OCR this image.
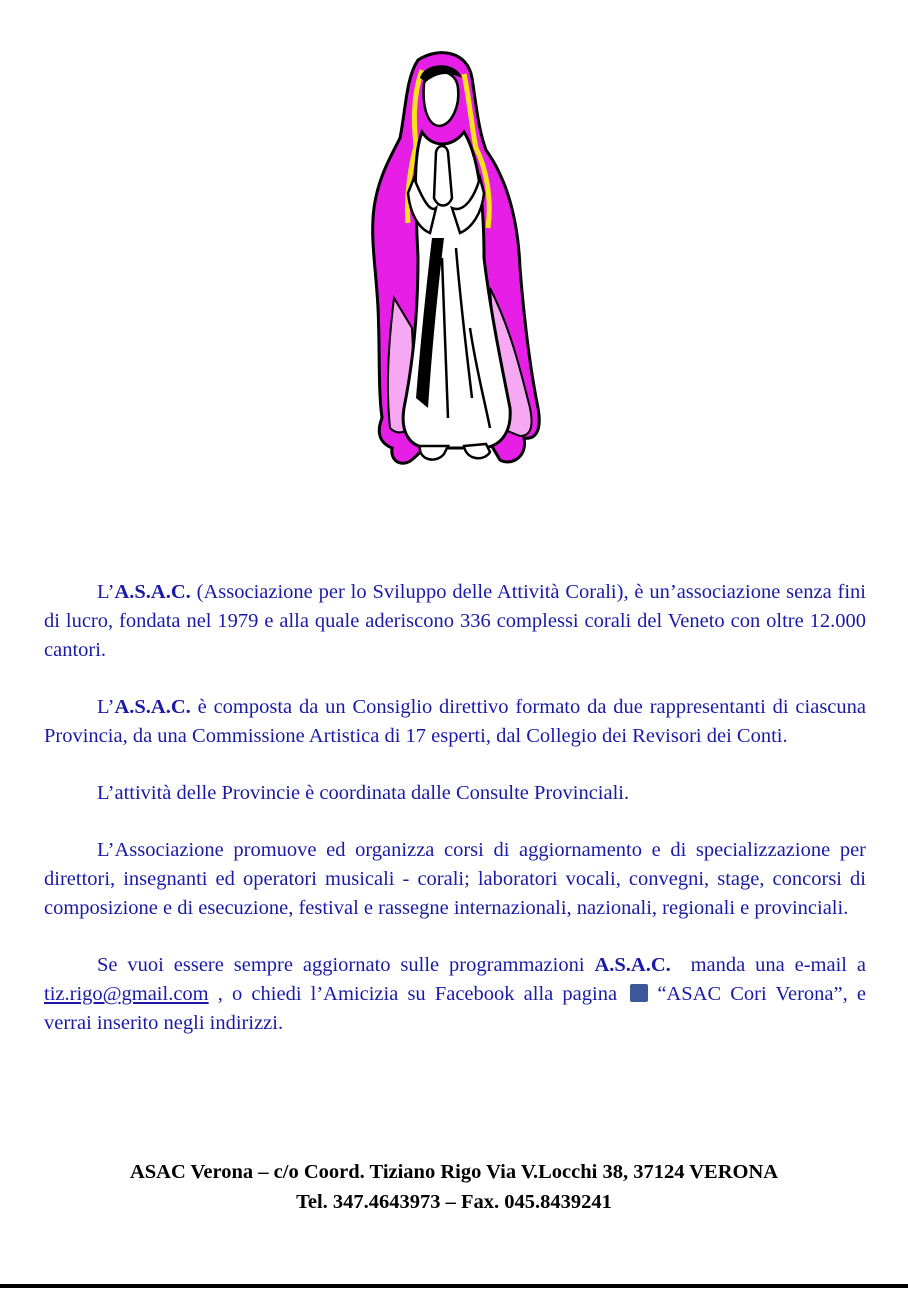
L’A.S.A.C. (Associazione per lo Sviluppo delle Attività Corali), è un’associazione senza fini di lucro, fondata nel 1979 e alla quale aderiscono 336 complessi corali del Veneto con oltre 12.000 cantori.

L’A.S.A.C. è composta da un Consiglio direttivo formato da due rappresentanti di ciascuna Provincia, da una Commissione Artistica di 17 esperti, dal Collegio dei Revisori dei Conti.

L’attività delle Provincie è coordinata dalle Consulte Provinciali.

L’Associazione promuove ed organizza corsi di aggiornamento e di specializzazione per direttori, insegnanti ed operatori musicali - corali; laboratori vocali, convegni, stage, concorsi di composizione e di esecuzione, festival e rassegne internazionali, nazionali, regionali e provinciali.

Se vuoi essere sempre aggiornato sulle programmazioni A.S.A.C.  manda una e-mail a   tiz.rigo@gmail.com , o chiedi l’Amicizia su Facebook alla pagina  “ASAC Cori Verona”, e verrai inserito negli indirizzi.

ASAC Verona – c/o Coord. Tiziano Rigo Via V.Locchi 38, 37124 VERONA
Tel. 347.4643973 – Fax. 045.8439241
